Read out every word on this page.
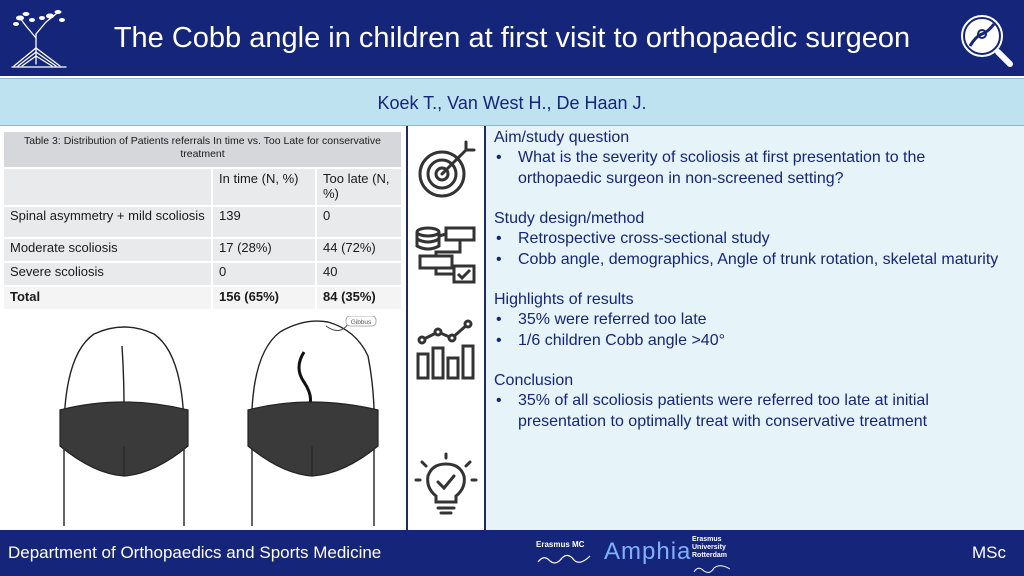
The Cobb angle in children at first visit to orthopaedic surgeon
Koek T., Van West H., De Haan J.
Table 3: Distribution of Patients referrals In time vs. Too Late for conservative treatment		
	In time (N, %)	Too late (N, %)
Spinal asymmetry + mild scoliosis	139	0
Moderate scoliosis	17 (28%)	44 (72%)
Severe scoliosis	0	40
Total	156 (65%)	84 (35%)
Gibbus
Aim/study question
• What is the severity of scoliosis at first presentation to the orthopaedic surgeon in non-screened setting?
Study design/method
• Retrospective cross-sectional study
• Cobb angle, demographics, Angle of trunk rotation, skeletal maturity
Highlights of results
• 35% were referred too late
• 1/6 children Cobb angle >40°
Conclusion
• 35% of all scoliosis patients were referred too late at initial presentation to optimally treat with conservative treatment
Department of Orthopaedics and Sports Medicine	Erasmus MC Amphia Erasmus
University
Rotterdam	MSc
